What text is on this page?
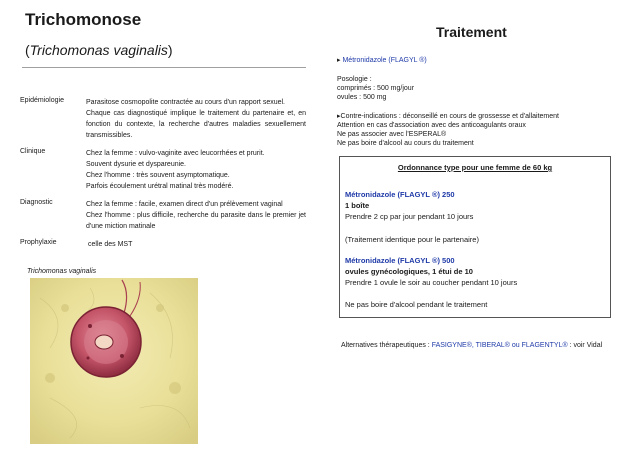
Trichomonose
(Trichomonas vaginalis)
Epidémiologie	Parasitose cosmopolite contractée au cours d'un rapport sexuel.
Chaque cas diagnostiqué implique le traitement du partenaire et, en fonction du contexte, la recherche d'autres maladies sexuellement transmissibles.
Clinique	Chez la femme : vulvo-vaginite avec leucorrhées et prurit.
Souvent dysurie et dyspareunie.
Chez l'homme : très souvent asymptomatique.
Parfois écoulement urétral matinal très modéré.
Diagnostic	Chez la femme : facile, examen direct d'un prélèvement vaginal
Chez l'homme : plus difficile, recherche du parasite dans le premier jet d'une miction matinale
Prophylaxie	celle des MST
Trichomonas vaginalis
Traitement
▸ Métronidazole (FLAGYL ®)
Posologie :
comprimés : 500 mg/jour
ovules : 500 mg
▸Contre-indications : déconseillé en cours de grossesse et d'allaitement
Attention en cas d'association avec des anticoagulants oraux
Ne pas associer avec l'ESPERAL®
Ne pas boire d'alcool au cours du traitement
Ordonnance type pour une femme de 60 kg
Métronidazole (FLAGYL ®) 250
1 boîte
Prendre 2 cp par jour pendant 10 jours
(Traitement identique pour le partenaire)
Métronidazole (FLAGYL ®) 500
ovules gynécologiques, 1 étui de 10
Prendre 1 ovule le soir au coucher pendant 10 jours
Ne pas boire d'alcool pendant le traitement
Alternatives thérapeutiques : FASIGYNE®, TIBERAL® ou FLAGENTYL® : voir Vidal
